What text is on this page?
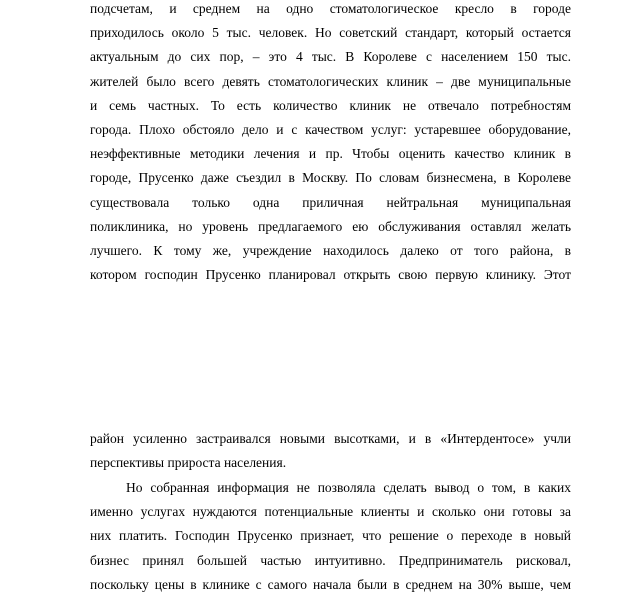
подсчетам, и среднем на одно стоматологическое кресло в городе
приходилось около 5 тыс. человек. Но советский стандарт, который остается
актуальным до сих пор, – это 4 тыс. В Королеве с населением 150 тыс.
жителей было всего девять стоматологических клиник – две муниципальные
и семь частных. То есть количество клиник не отвечало потребностям
города. Плохо обстояло дело и с качеством услуг: устаревшее оборудование,
неэффективные методики лечения и пр. Чтобы оценить качество клиник в
городе, Прусенко даже съездил в Москву. По словам бизнесмена, в Королеве
существовала только одна приличная нейтральная муниципальная
поликлиника, но уровень предлагаемого ею обслуживания оставлял желать
лучшего. К тому же, учреждение находилось далеко от того района, в
котором господин Прусенко планировал открыть свою первую клинику. Этот
район усиленно застраивался новыми высотками, и в «Интердентосе» учли
перспективы прироста населения.
Но собранная информация не позволяла сделать вывод о том, в каких
именно услугах нуждаются потенциальные клиенты и сколько они готовы за
них платить. Господин Прусенко признает, что решение о переходе в новый
бизнес принял большей частью интуитивно. Предприниматель рисковал,
поскольку цены в клинике с самого начала были в среднем на 30% выше, чем
